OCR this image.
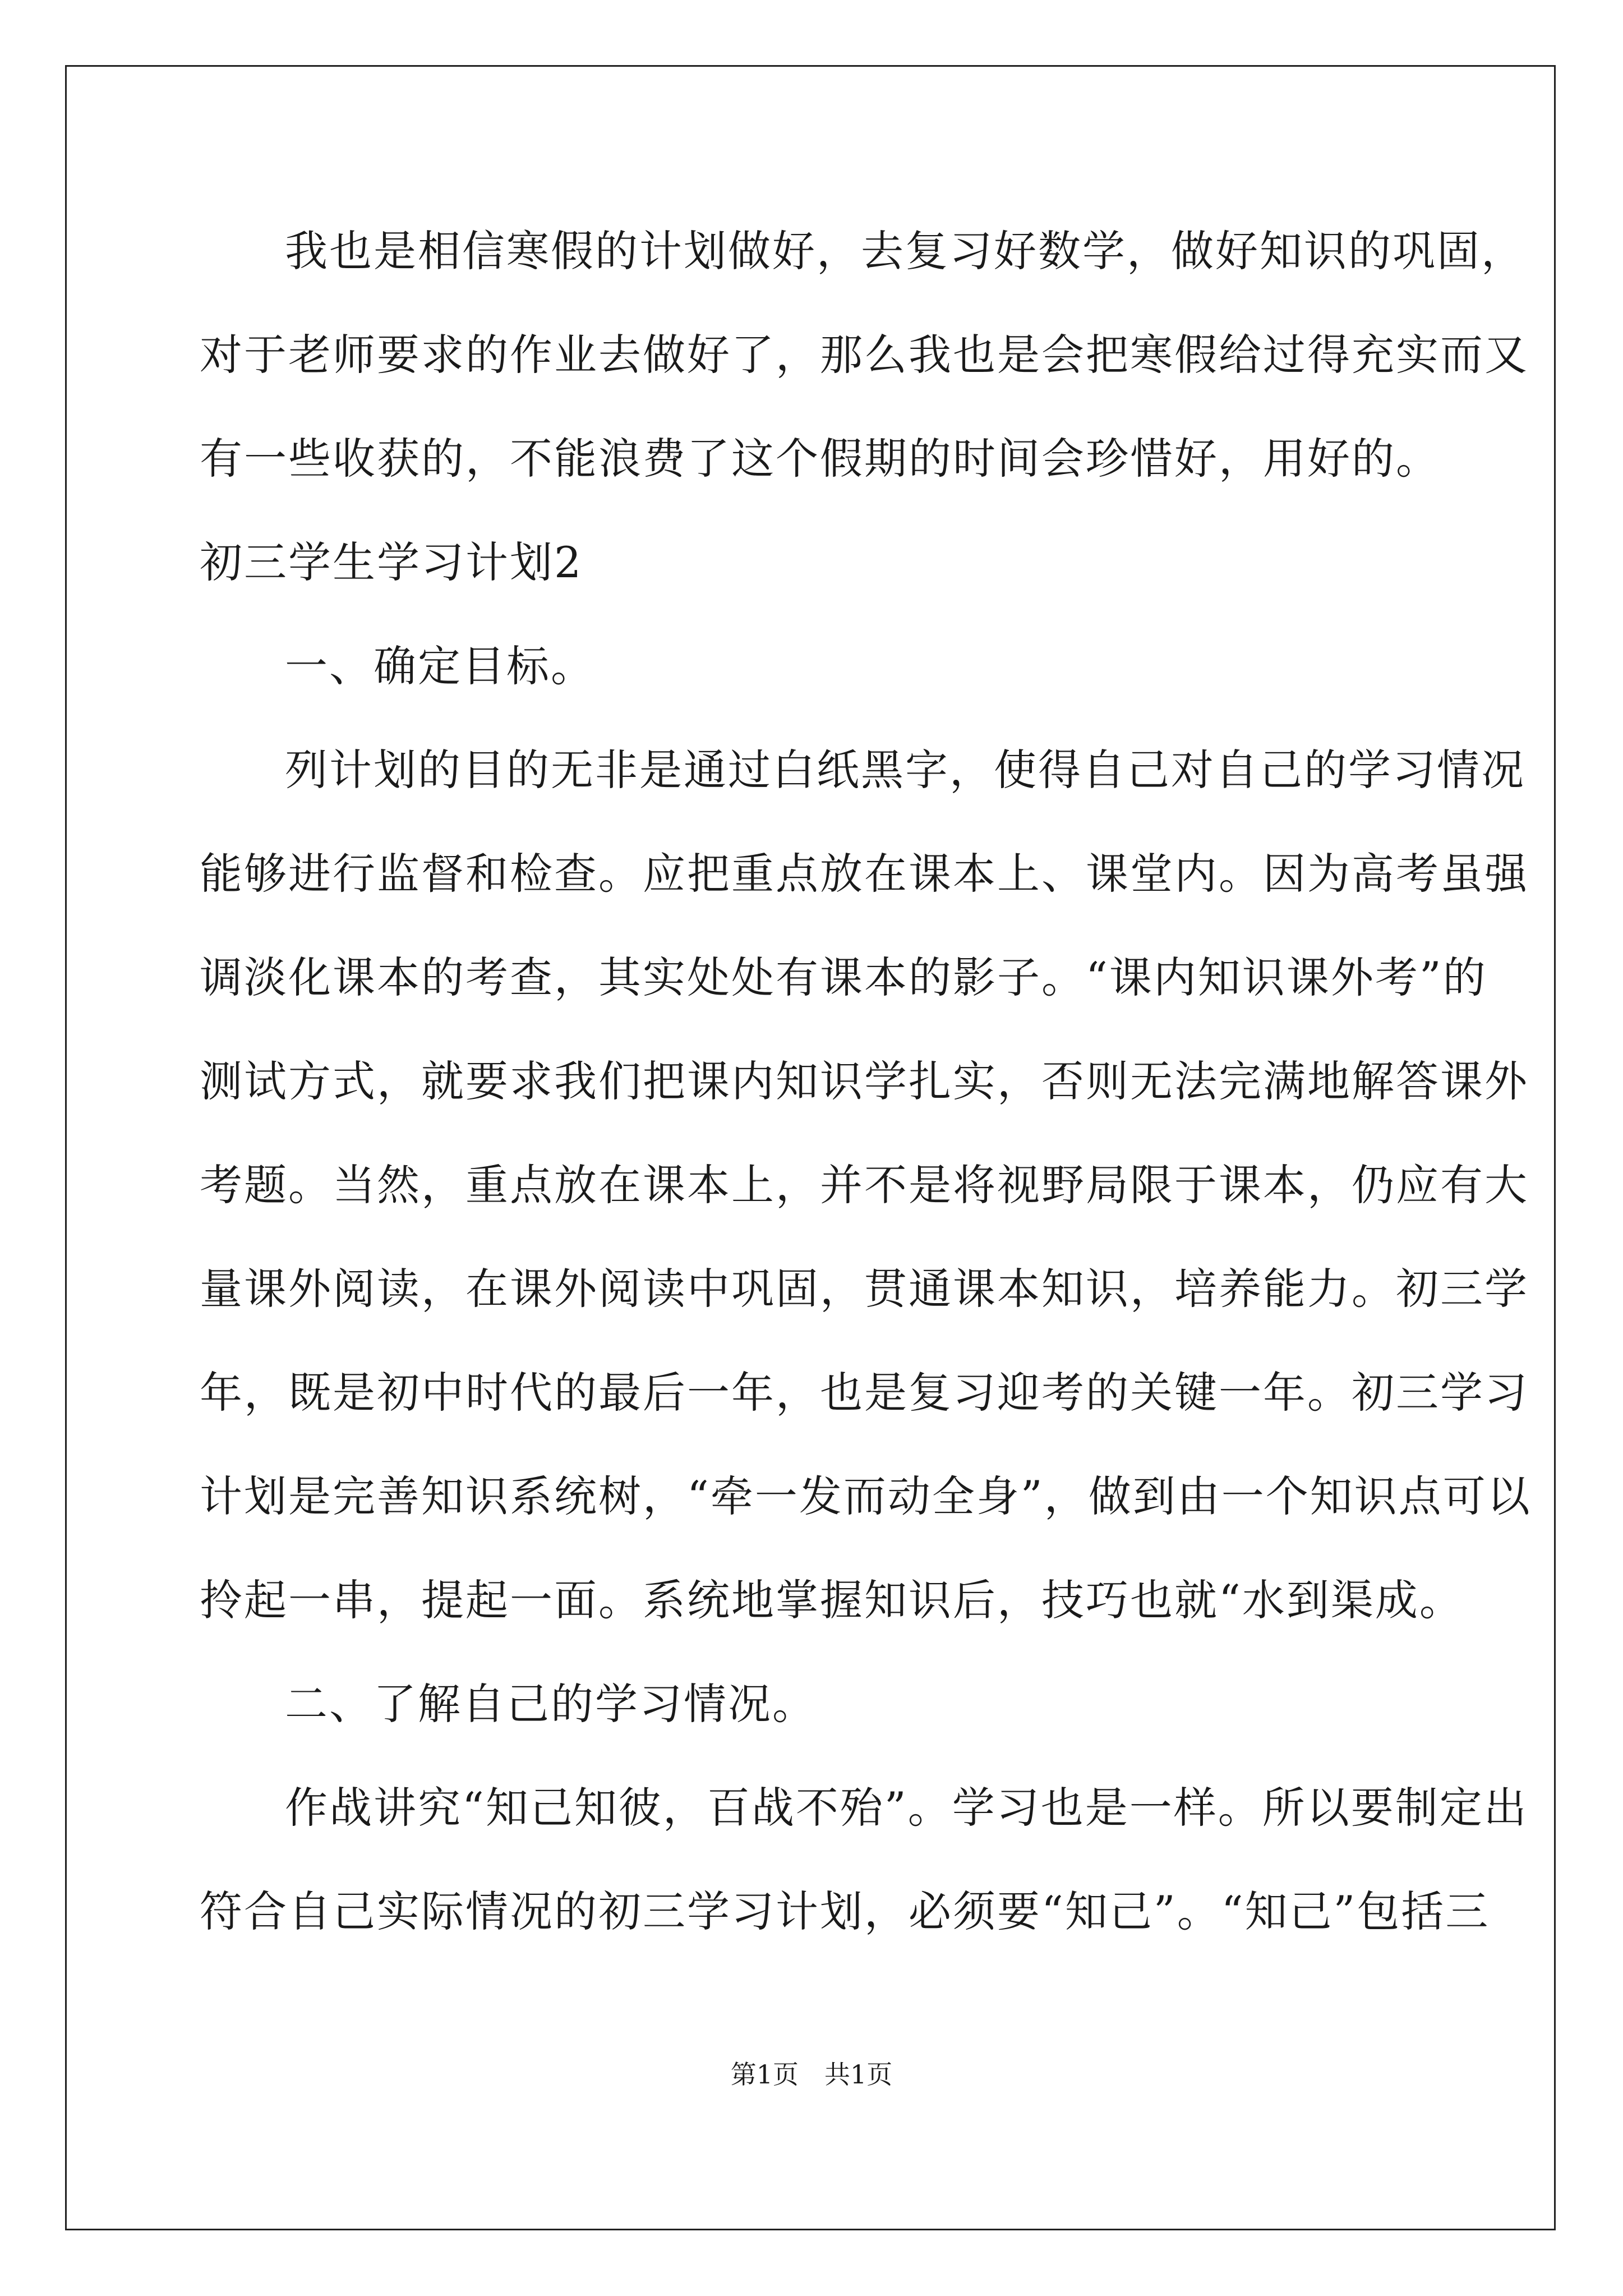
我也是相信寒假的计划做好，去复习好数学，做好知识的巩固，
对于老师要求的作业去做好了，那么我也是会把寒假给过得充实而又
有一些收获的，不能浪费了这个假期的时间会珍惜好，用好的。
初三学生学习计划2
一、确定目标。
列计划的目的无非是通过白纸黑字，使得自己对自己的学习情况
能够进行监督和检查。应把重点放在课本上、课堂内。因为高考虽强
调淡化课本的考查，其实处处有课本的影子。“课内知识课外考”的
测试方式，就要求我们把课内知识学扎实，否则无法完满地解答课外
考题。当然，重点放在课本上，并不是将视野局限于课本，仍应有大
量课外阅读，在课外阅读中巩固，贯通课本知识，培养能力。初三学
年，既是初中时代的最后一年，也是复习迎考的关键一年。初三学习
计划是完善知识系统树，“牵一发而动全身”，做到由一个知识点可以
拎起一串，提起一面。系统地掌握知识后，技巧也就“水到渠成。
二、了解自己的学习情况。
作战讲究“知己知彼，百战不殆”。学习也是一样。所以要制定出
符合自己实际情况的初三学习计划，必须要“知己”。“知己”包括三
第1页　共1页
